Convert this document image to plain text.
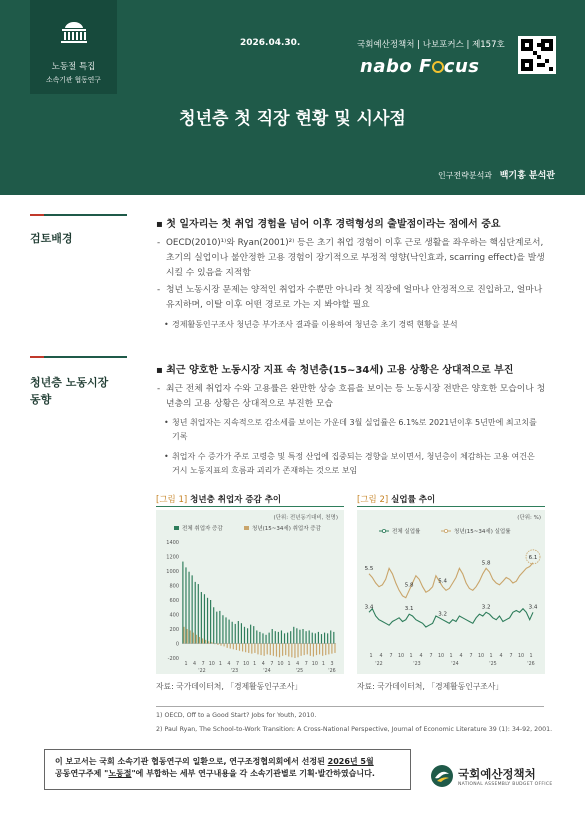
노동절 특집
소속기관 협동연구
2026.04.30.	국회예산정책처 | 나보포커스 | 제157호
nabo F cus
청년층 첫 직장 현황 및 시사점
인구전략분석과 백기홍 분석관
검토배경
▪ 첫 일자리는 첫 취업 경험을 넘어 이후 경력형성의 출발점이라는 점에서 중요
- OECD(2010)¹⁾와 Ryan(2001)²⁾ 등은 초기 취업 경험이 이후 근로 생활을 좌우하는 핵심단계로서, 초기의 실업이나 불안정한 고용 경험이 장기적으로 부정적 영향(낙인효과, scarring effect)을 발생시킬 수 있음을 지적함
- 청년 노동시장 문제는 양적인 취업자 수뿐만 아니라 첫 직장에 얼마나 안정적으로 진입하고, 얼마나 유지하며, 이탈 이후 어떤 경로로 가는 지 봐야할 필요
• 경제활동인구조사 청년층 부가조사 결과를 이용하여 청년층 초기 경력 현황을 분석
청년층 노동시장
동향
▪ 최근 양호한 노동시장 지표 속 청년층(15~34세) 고용 상황은 상대적으로 부진
- 최근 전체 취업자 수와 고용률은 완만한 상승 흐름을 보이는 등 노동시장 전반은 양호한 모습이나 청년층의 고용 상황은 상대적으로 부진한 모습
• 청년 취업자는 지속적으로 감소세를 보이는 가운데 3월 실업률은 6.1%로 2021년이후 5년만에 최고치를 기록
• 취업자 수 증가가 주로 고령층 및 특정 산업에 집중되는 경향을 보이면서, 청년층이 체감하는 고용 여건은 거시 노동지표의 흐름과 괴리가 존재하는 것으로 보임
[그림 1] 청년층 취업자 증감 추이
(단위: 전년동기대비, 천명)
전체 취업자 증감	청년(15~34세) 취업자 증감
-200
0
200
400
600
800
1000
1200
1400
1 4 7 10 1 4 7 10 1 4 7 10 1 4 7 10 1 3
'22	'23	'24	'25	'26
자료: 국가데이터처, 「경제활동인구조사」
[그림 2] 실업률 추이
(단위: %)
전체 실업률	청년(15~34세) 실업률
3.4	3.1
3.2
3.2	3.4
5.5
5.8
5.4
5.8
6.1
1 4 7 10 1 4 7 10 1 4 7 10 1 4 7 10 1
'22	'23	'24	'25	'26
자료: 국가데이터처, 「경제활동인구조사」
1) OECD, Off to a Good Start? Jobs for Youth, 2010.
2) Paul Ryan, The School-to-Work Transition: A Cross-National Perspective, Journal of Economic Literature 39 (1): 34-92, 2001.
이 보고서는 국회 소속기관 협동연구의 일환으로, 연구조정협의회에서 선정된 2026년 5월
공동연구주제 "노동절"에 부합하는 세부 연구내용을 각 소속기관별로 기획·발간하였습니다.	국회예산정책처
NATIONAL ASSEMBLY BUDGET OFFICE
